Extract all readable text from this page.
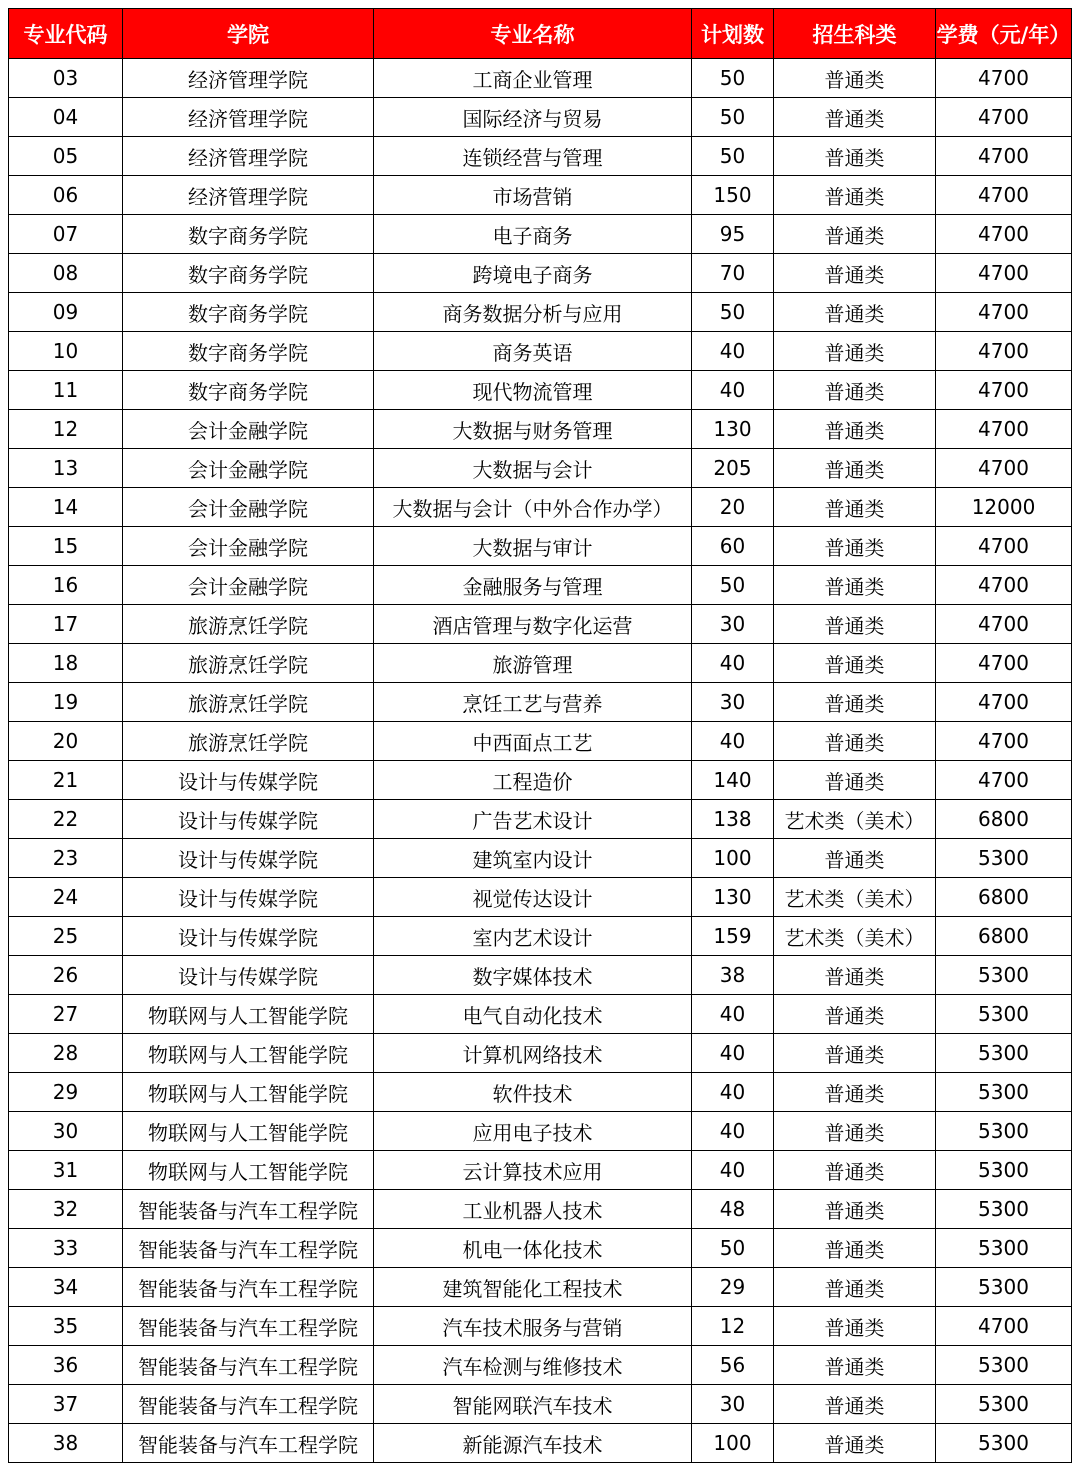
专业代码	学院	专业名称	计划数	招生科类	学费（元/年）
03	经济管理学院	工商企业管理	50	普通类	4700
04	经济管理学院	国际经济与贸易	50	普通类	4700
05	经济管理学院	连锁经营与管理	50	普通类	4700
06	经济管理学院	市场营销	150	普通类	4700
07	数字商务学院	电子商务	95	普通类	4700
08	数字商务学院	跨境电子商务	70	普通类	4700
09	数字商务学院	商务数据分析与应用	50	普通类	4700
10	数字商务学院	商务英语	40	普通类	4700
11	数字商务学院	现代物流管理	40	普通类	4700
12	会计金融学院	大数据与财务管理	130	普通类	4700
13	会计金融学院	大数据与会计	205	普通类	4700
14	会计金融学院	大数据与会计（中外合作办学）	20	普通类	12000
15	会计金融学院	大数据与审计	60	普通类	4700
16	会计金融学院	金融服务与管理	50	普通类	4700
17	旅游烹饪学院	酒店管理与数字化运营	30	普通类	4700
18	旅游烹饪学院	旅游管理	40	普通类	4700
19	旅游烹饪学院	烹饪工艺与营养	30	普通类	4700
20	旅游烹饪学院	中西面点工艺	40	普通类	4700
21	设计与传媒学院	工程造价	140	普通类	4700
22	设计与传媒学院	广告艺术设计	138	艺术类（美术）	6800
23	设计与传媒学院	建筑室内设计	100	普通类	5300
24	设计与传媒学院	视觉传达设计	130	艺术类（美术）	6800
25	设计与传媒学院	室内艺术设计	159	艺术类（美术）	6800
26	设计与传媒学院	数字媒体技术	38	普通类	5300
27	物联网与人工智能学院	电气自动化技术	40	普通类	5300
28	物联网与人工智能学院	计算机网络技术	40	普通类	5300
29	物联网与人工智能学院	软件技术	40	普通类	5300
30	物联网与人工智能学院	应用电子技术	40	普通类	5300
31	物联网与人工智能学院	云计算技术应用	40	普通类	5300
32	智能装备与汽车工程学院	工业机器人技术	48	普通类	5300
33	智能装备与汽车工程学院	机电一体化技术	50	普通类	5300
34	智能装备与汽车工程学院	建筑智能化工程技术	29	普通类	5300
35	智能装备与汽车工程学院	汽车技术服务与营销	12	普通类	4700
36	智能装备与汽车工程学院	汽车检测与维修技术	56	普通类	5300
37	智能装备与汽车工程学院	智能网联汽车技术	30	普通类	5300
38	智能装备与汽车工程学院	新能源汽车技术	100	普通类	5300
